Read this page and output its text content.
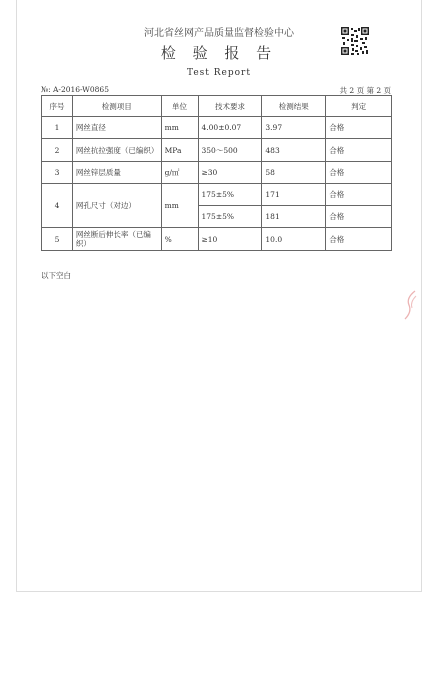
河北省丝网产品质量监督检验中心
检 验 报 告
Test Report
№: A-2016-W0865	共 2 页 第 2 页
序号	检测项目	单位	技术要求	检测结果	判定
1	网丝直径	mm	4.00±0.07	3.97	合格
2	网丝抗拉强度（已编织）	MPa	350～500	483	合格
3	网丝锌层质量	g/㎡	≥30	58	合格
4	网孔尺寸（对边）	mm	175±5%	171	合格
			175±5%	181	合格
5	网丝断后伸长率（已编织）	%	≥10	10.0	合格
以下空白
